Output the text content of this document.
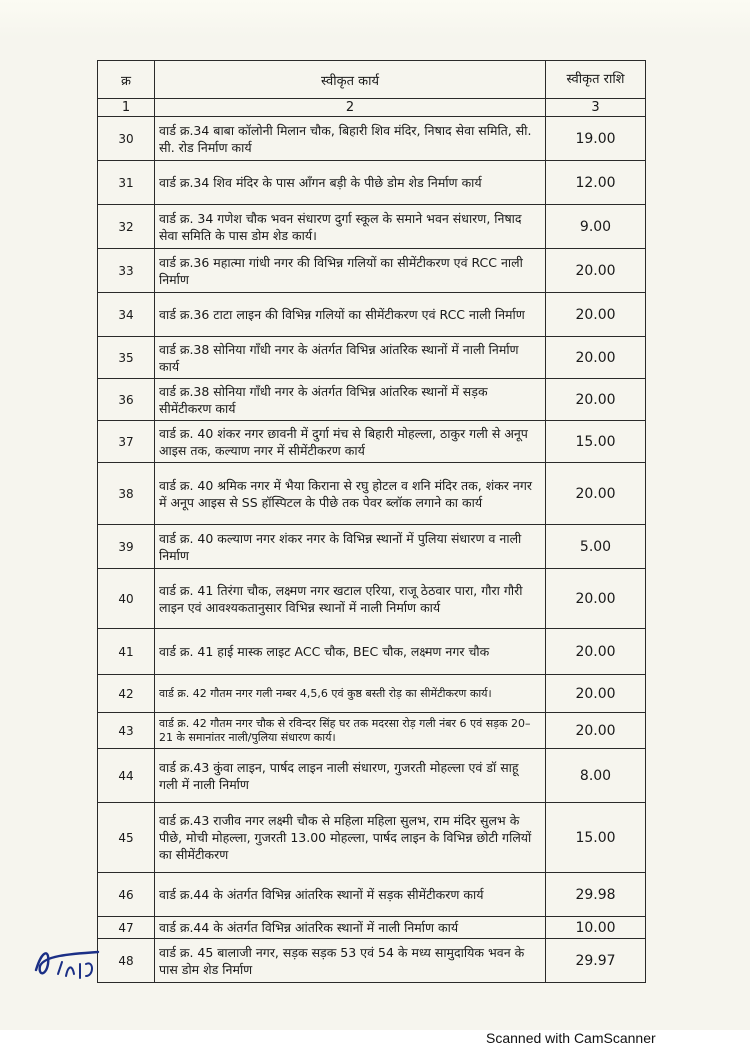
क्र	स्वीकृत कार्य	स्वीकृत राशि
1	2	3
30	वार्ड क्र.34 बाबा कॉलोनी मिलान चौक, बिहारी शिव मंदिर, निषाद सेवा समिति, सी. सी. रोड निर्माण कार्य	19.00
31	वार्ड क्र.34 शिव मंदिर के पास आँगन बड़ी के पीछे डोम शेड निर्माण कार्य	12.00
32	वार्ड क्र. 34 गणेश चौक भवन संधारण दुर्गा स्कूल के समाने भवन संधारण, निषाद सेवा समिति के पास डोम शेड कार्य।	9.00
33	वार्ड क्र.36 महात्मा गांधी नगर की विभिन्न गलियों का सीमेंटीकरण एवं RCC नाली निर्माण	20.00
34	वार्ड क्र.36 टाटा लाइन की विभिन्न गलियों का सीमेंटीकरण एवं RCC नाली निर्माण	20.00
35	वार्ड क्र.38 सोनिया गाँधी नगर के अंतर्गत विभिन्न आंतरिक स्थानों में नाली निर्माण कार्य	20.00
36	वार्ड क्र.38 सोनिया गाँधी नगर के अंतर्गत विभिन्न आंतरिक स्थानों में सड़क सीमेंटीकरण कार्य	20.00
37	वार्ड क्र. 40 शंकर नगर छावनी में दुर्गा मंच से बिहारी मोहल्ला, ठाकुर गली से अनूप आइस तक, कल्याण नगर में सीमेंटीकरण कार्य	15.00
38	वार्ड क्र. 40 श्रमिक नगर में भैया किराना से रघु होटल व शनि मंदिर तक, शंकर नगर में अनूप आइस से SS हॉस्पिटल के पीछे तक पेवर ब्लॉक लगाने का कार्य	20.00
39	वार्ड क्र. 40 कल्याण नगर शंकर नगर के विभिन्न स्थानों में पुलिया संधारण व नाली निर्माण	5.00
40	वार्ड क्र. 41 तिरंगा चौक, लक्ष्मण नगर खटाल एरिया, राजू ठेठवार पारा, गौरा गौरी लाइन एवं आवश्यकतानुसार विभिन्न स्थानों में नाली निर्माण कार्य	20.00
41	वार्ड क्र. 41 हाई मास्क लाइट ACC चौक, BEC चौक, लक्ष्मण नगर चौक	20.00
42	वार्ड क्र. 42 गौतम नगर गली नम्बर 4,5,6 एवं कुष्ठ बस्ती रोड़ का सीमेंटीकरण कार्य।	20.00
43	वार्ड क्र. 42 गौतम नगर चौक से रविन्दर सिंह घर तक मदरसा रोड़ गली नंबर 6 एवं सड़क 20–21 के समानांतर नाली/पुलिया संधारण कार्य।	20.00
44	वार्ड क्र.43 कुंवा लाइन, पार्षद लाइन नाली संधारण, गुजरती मोहल्ला एवं डॉ साहू गली में नाली निर्माण	8.00
45	वार्ड क्र.43 राजीव नगर लक्ष्मी चौक से महिला महिला सुलभ, राम मंदिर सुलभ के पीछे, मोची मोहल्ला, गुजरती 13.00 मोहल्ला, पार्षद लाइन के विभिन्न छोटी गलियों का सीमेंटीकरण	15.00
46	वार्ड क्र.44 के अंतर्गत विभिन्न आंतरिक स्थानों में सड़क सीमेंटीकरण कार्य	29.98
47	वार्ड क्र.44 के अंतर्गत विभिन्न आंतरिक स्थानों में नाली निर्माण कार्य	10.00
48	वार्ड क्र. 45 बालाजी नगर, सड़क सड़क 53 एवं 54 के मध्य सामुदायिक भवन के पास डोम शेड निर्माण	29.97
Scanned with CamScanner
